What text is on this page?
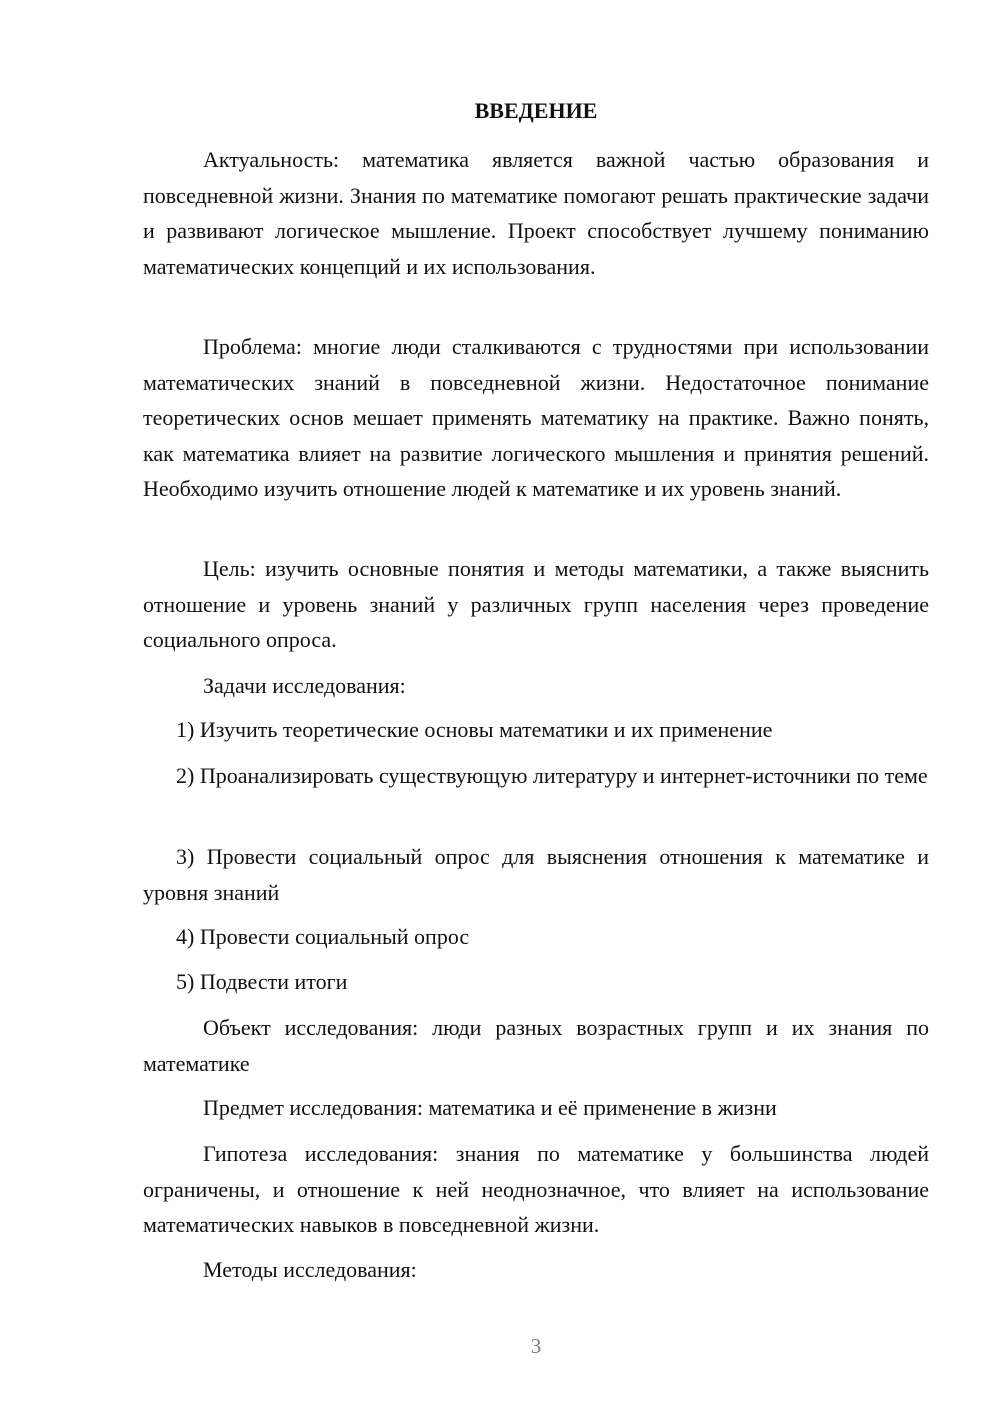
ВВЕДЕНИЕ

Актуальность: математика является важной частью образования и повседневной жизни. Знания по математике помогают решать практические задачи и развивают логическое мышление. Проект способствует лучшему пониманию математических концепций и их использования.

Проблема: многие люди сталкиваются с трудностями при использовании математических знаний в повседневной жизни. Недостаточное понимание теоретических основ мешает применять математику на практике. Важно понять, как математика влияет на развитие логического мышления и принятия решений. Необходимо изучить отношение людей к математике и их уровень знаний.

Цель: изучить основные понятия и методы математики, а также выяснить отношение и уровень знаний у различных групп населения через проведение социального опроса.

Задачи исследования:

1) Изучить теоретические основы математики и их применение

2) Проанализировать существующую литературу и интернет-источники по теме

3) Провести социальный опрос для выяснения отношения к математике и уровня знаний

4) Провести социальный опрос

5) Подвести итоги

Объект исследования: люди разных возрастных групп и их знания по математике

Предмет исследования: математика и её применение в жизни

Гипотеза исследования: знания по математике у большинства людей ограничены, и отношение к ней неоднозначное, что влияет на использование математических навыков в повседневной жизни.

Методы исследования:

3
